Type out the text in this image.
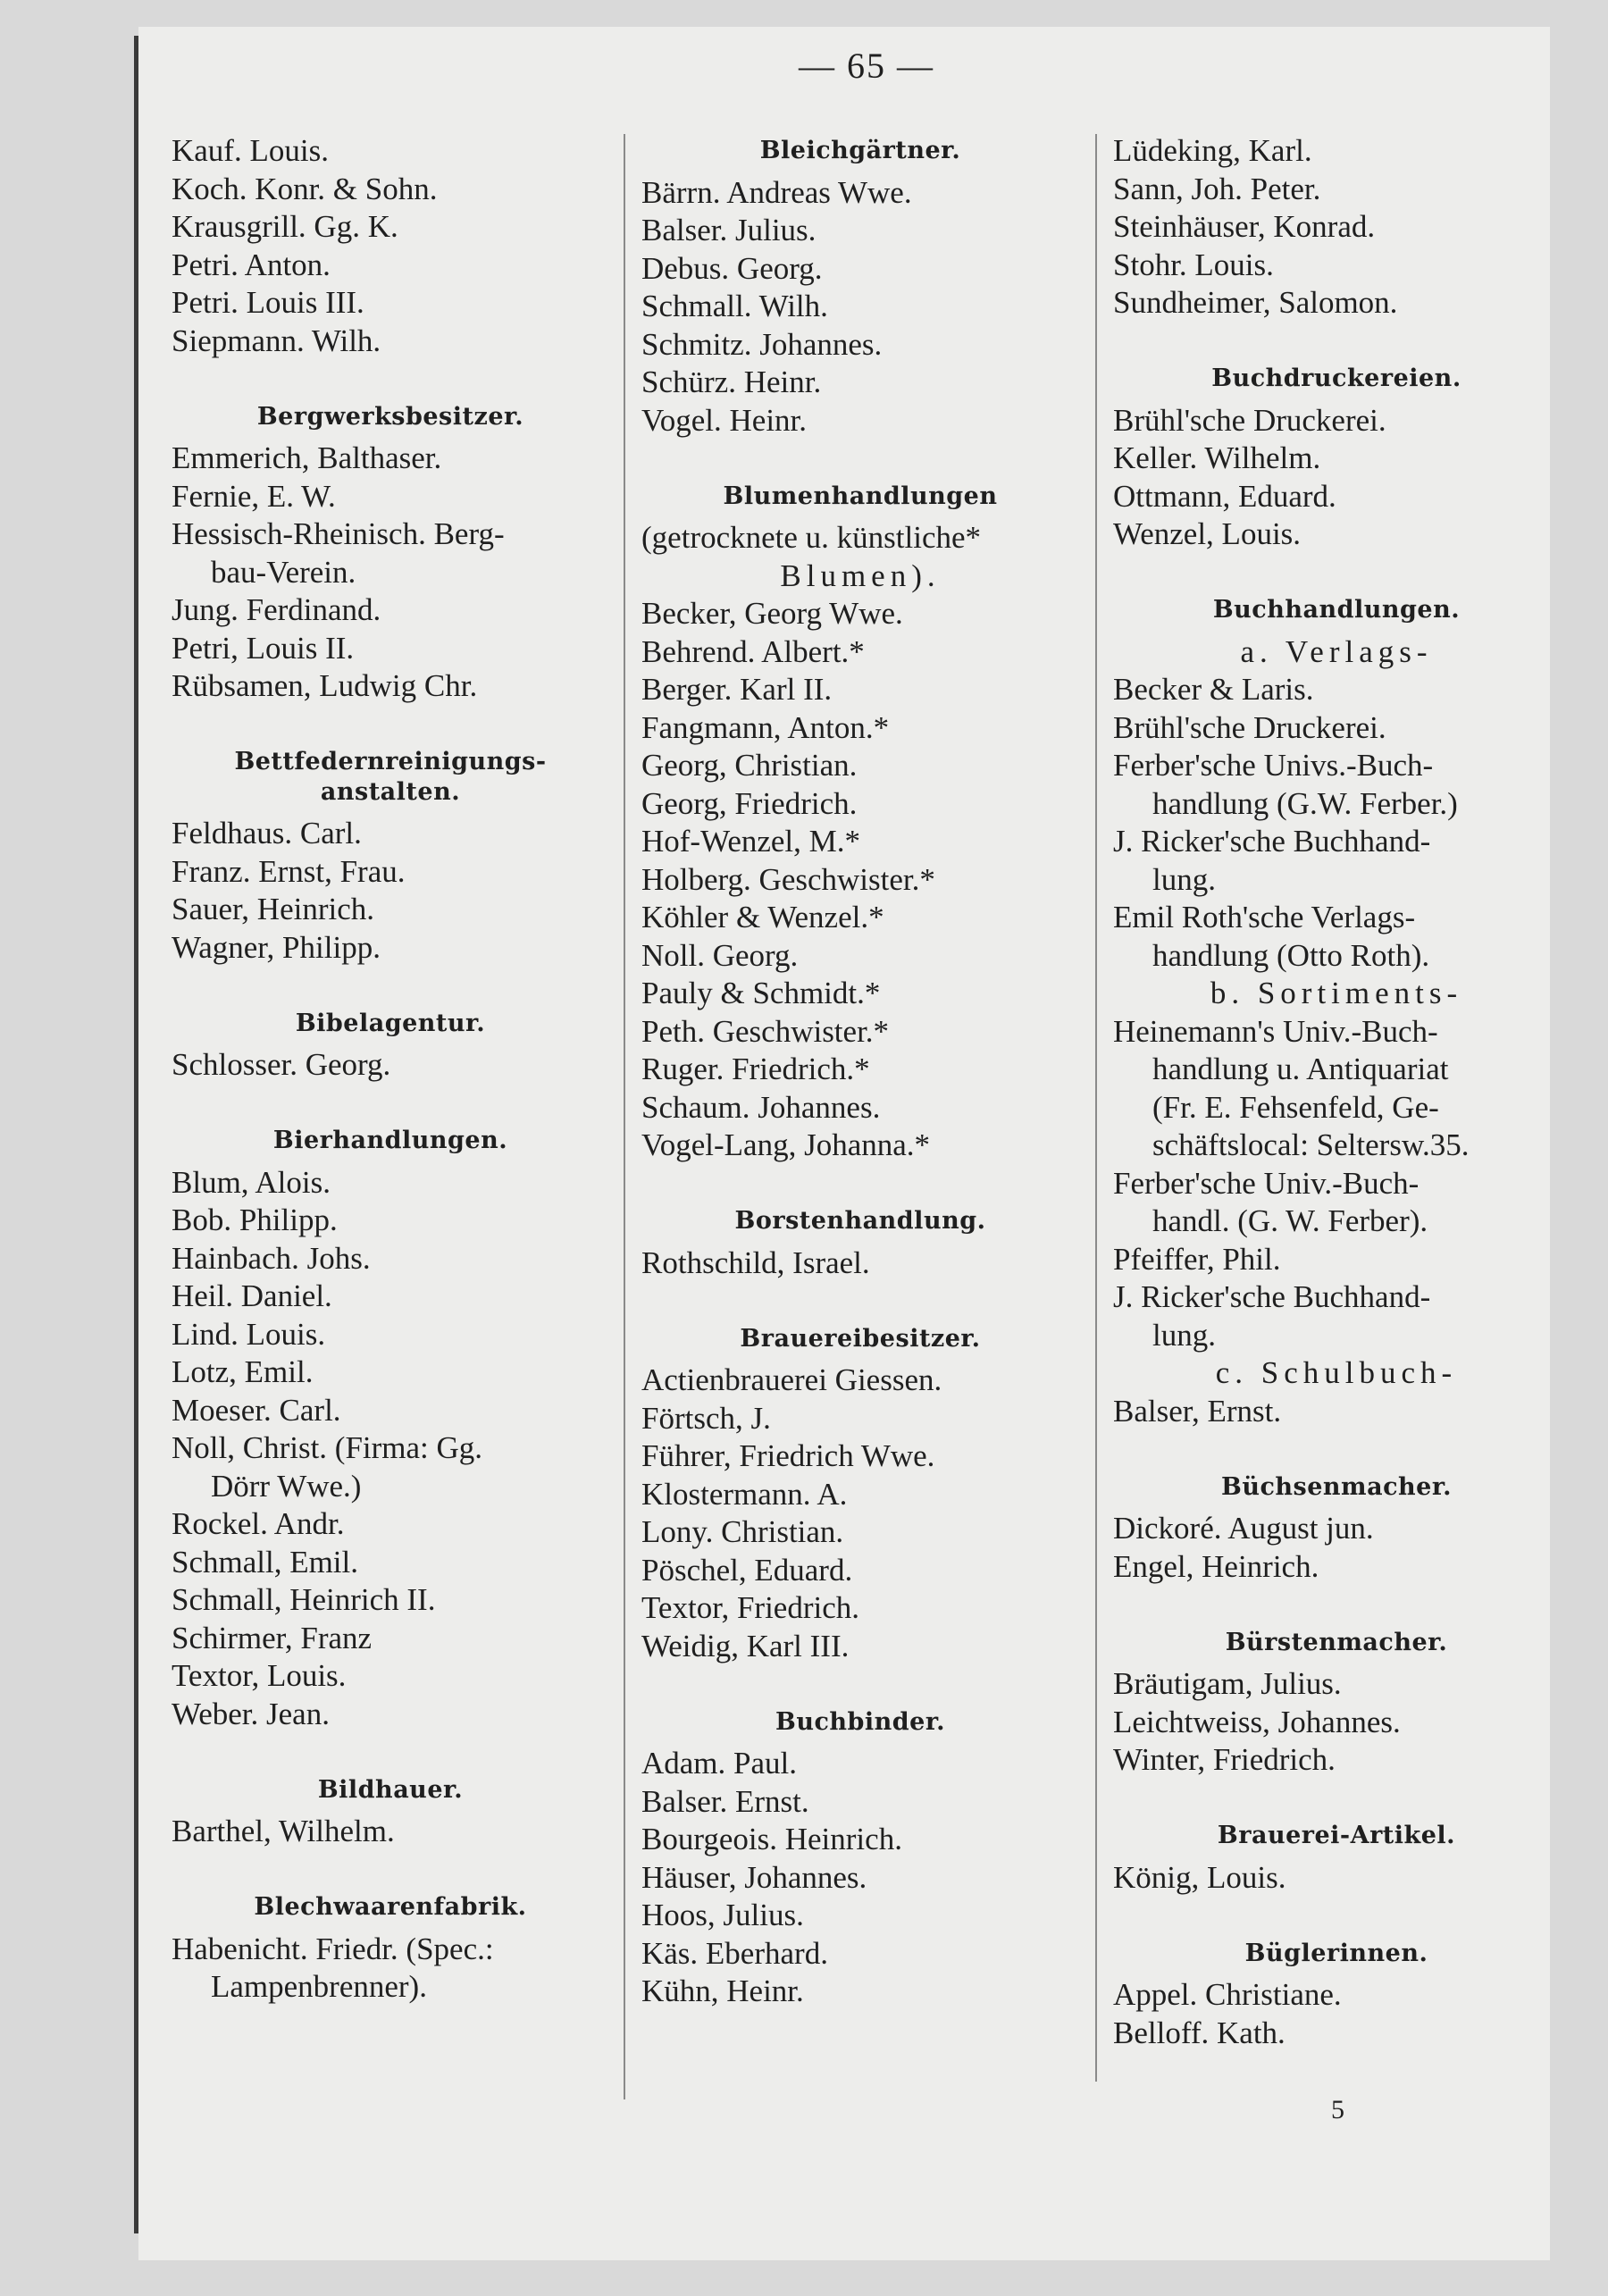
— 65 —
Kauf. Louis.
Koch. Konr. & Sohn.
Krausgrill. Gg. K.
Petri. Anton.
Petri. Louis III.
Siepmann. Wilh.
Bergwerksbesitzer.
Emmerich, Balthaser.
Fernie, E. W.
Hessisch-Rheinisch. Berg-
bau-Verein.
Jung. Ferdinand.
Petri, Louis II.
Rübsamen, Ludwig Chr.
Bettfedernreinigungs-
anstalten.
Feldhaus. Carl.
Franz. Ernst, Frau.
Sauer, Heinrich.
Wagner, Philipp.
Bibelagentur.
Schlosser. Georg.
Bierhandlungen.
Blum, Alois.
Bob. Philipp.
Hainbach. Johs.
Heil. Daniel.
Lind. Louis.
Lotz, Emil.
Moeser. Carl.
Noll, Christ. (Firma: Gg.
Dörr Wwe.)
Rockel. Andr.
Schmall, Emil.
Schmall, Heinrich II.
Schirmer, Franz
Textor, Louis.
Weber. Jean.
Bildhauer.
Barthel, Wilhelm.
Blechwaarenfabrik.
Habenicht. Friedr. (Spec.:
Lampenbrenner).
Bleichgärtner.
Bärrn. Andreas Wwe.
Balser. Julius.
Debus. Georg.
Schmall. Wilh.
Schmitz. Johannes.
Schürz. Heinr.
Vogel. Heinr.
Blumenhandlungen
(getrocknete u. künstliche*
Blumen).
Becker, Georg Wwe.
Behrend. Albert.*
Berger. Karl II.
Fangmann, Anton.*
Georg, Christian.
Georg, Friedrich.
Hof-Wenzel, M.*
Holberg. Geschwister.*
Köhler & Wenzel.*
Noll. Georg.
Pauly & Schmidt.*
Peth. Geschwister.*
Ruger. Friedrich.*
Schaum. Johannes.
Vogel-Lang, Johanna.*
Borstenhandlung.
Rothschild, Israel.
Brauereibesitzer.
Actienbrauerei Giessen.
Förtsch, J.
Führer, Friedrich Wwe.
Klostermann. A.
Lony. Christian.
Pöschel, Eduard.
Textor, Friedrich.
Weidig, Karl III.
Buchbinder.
Adam. Paul.
Balser. Ernst.
Bourgeois. Heinrich.
Häuser, Johannes.
Hoos, Julius.
Käs. Eberhard.
Kühn, Heinr.
Lüdeking, Karl.
Sann, Joh. Peter.
Steinhäuser, Konrad.
Stohr. Louis.
Sundheimer, Salomon.
Buchdruckereien.
Brühl'sche Druckerei.
Keller. Wilhelm.
Ottmann, Eduard.
Wenzel, Louis.
Buchhandlungen.
a. Verlags-
Becker & Laris.
Brühl'sche Druckerei.
Ferber'sche Univs.-Buch-
handlung (G.W. Ferber.)
J. Ricker'sche Buchhand-
lung.
Emil Roth'sche Verlags-
handlung (Otto Roth).
b. Sortiments-
Heinemann's Univ.-Buch-
handlung u. Antiquariat
(Fr. E. Fehsenfeld, Ge-
schäftslocal: Seltersw.35.
Ferber'sche Univ.-Buch-
handl. (G. W. Ferber).
Pfeiffer, Phil.
J. Ricker'sche Buchhand-
lung.
c. Schulbuch-
Balser, Ernst.
Büchsenmacher.
Dickoré. August jun.
Engel, Heinrich.
Bürstenmacher.
Bräutigam, Julius.
Leichtweiss, Johannes.
Winter, Friedrich.
Brauerei-Artikel.
König, Louis.
Büglerinnen.
Appel. Christiane.
Belloff. Kath.
5
